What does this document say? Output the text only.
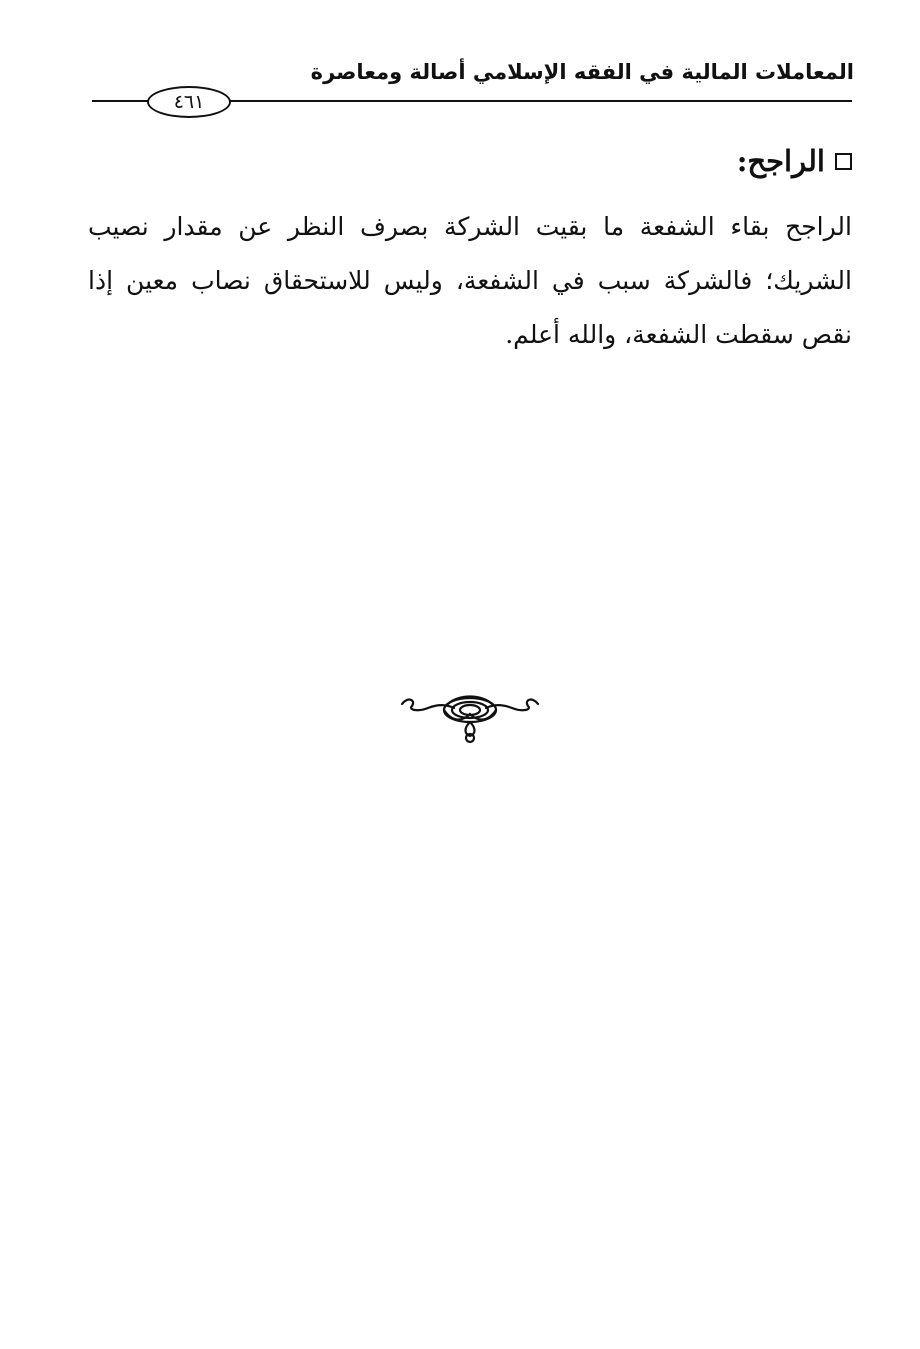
المعاملات المالية في الفقه الإسلامي أصالة ومعاصرة
٤٦١
الراجح:

الراجح بقاء الشفعة ما بقيت الشركة بصرف النظر عن مقدار نصيب الشريك؛ فالشركة سبب في الشفعة، وليس للاستحقاق نصاب معين إذا نقص سقطت الشفعة، والله أعلم.
